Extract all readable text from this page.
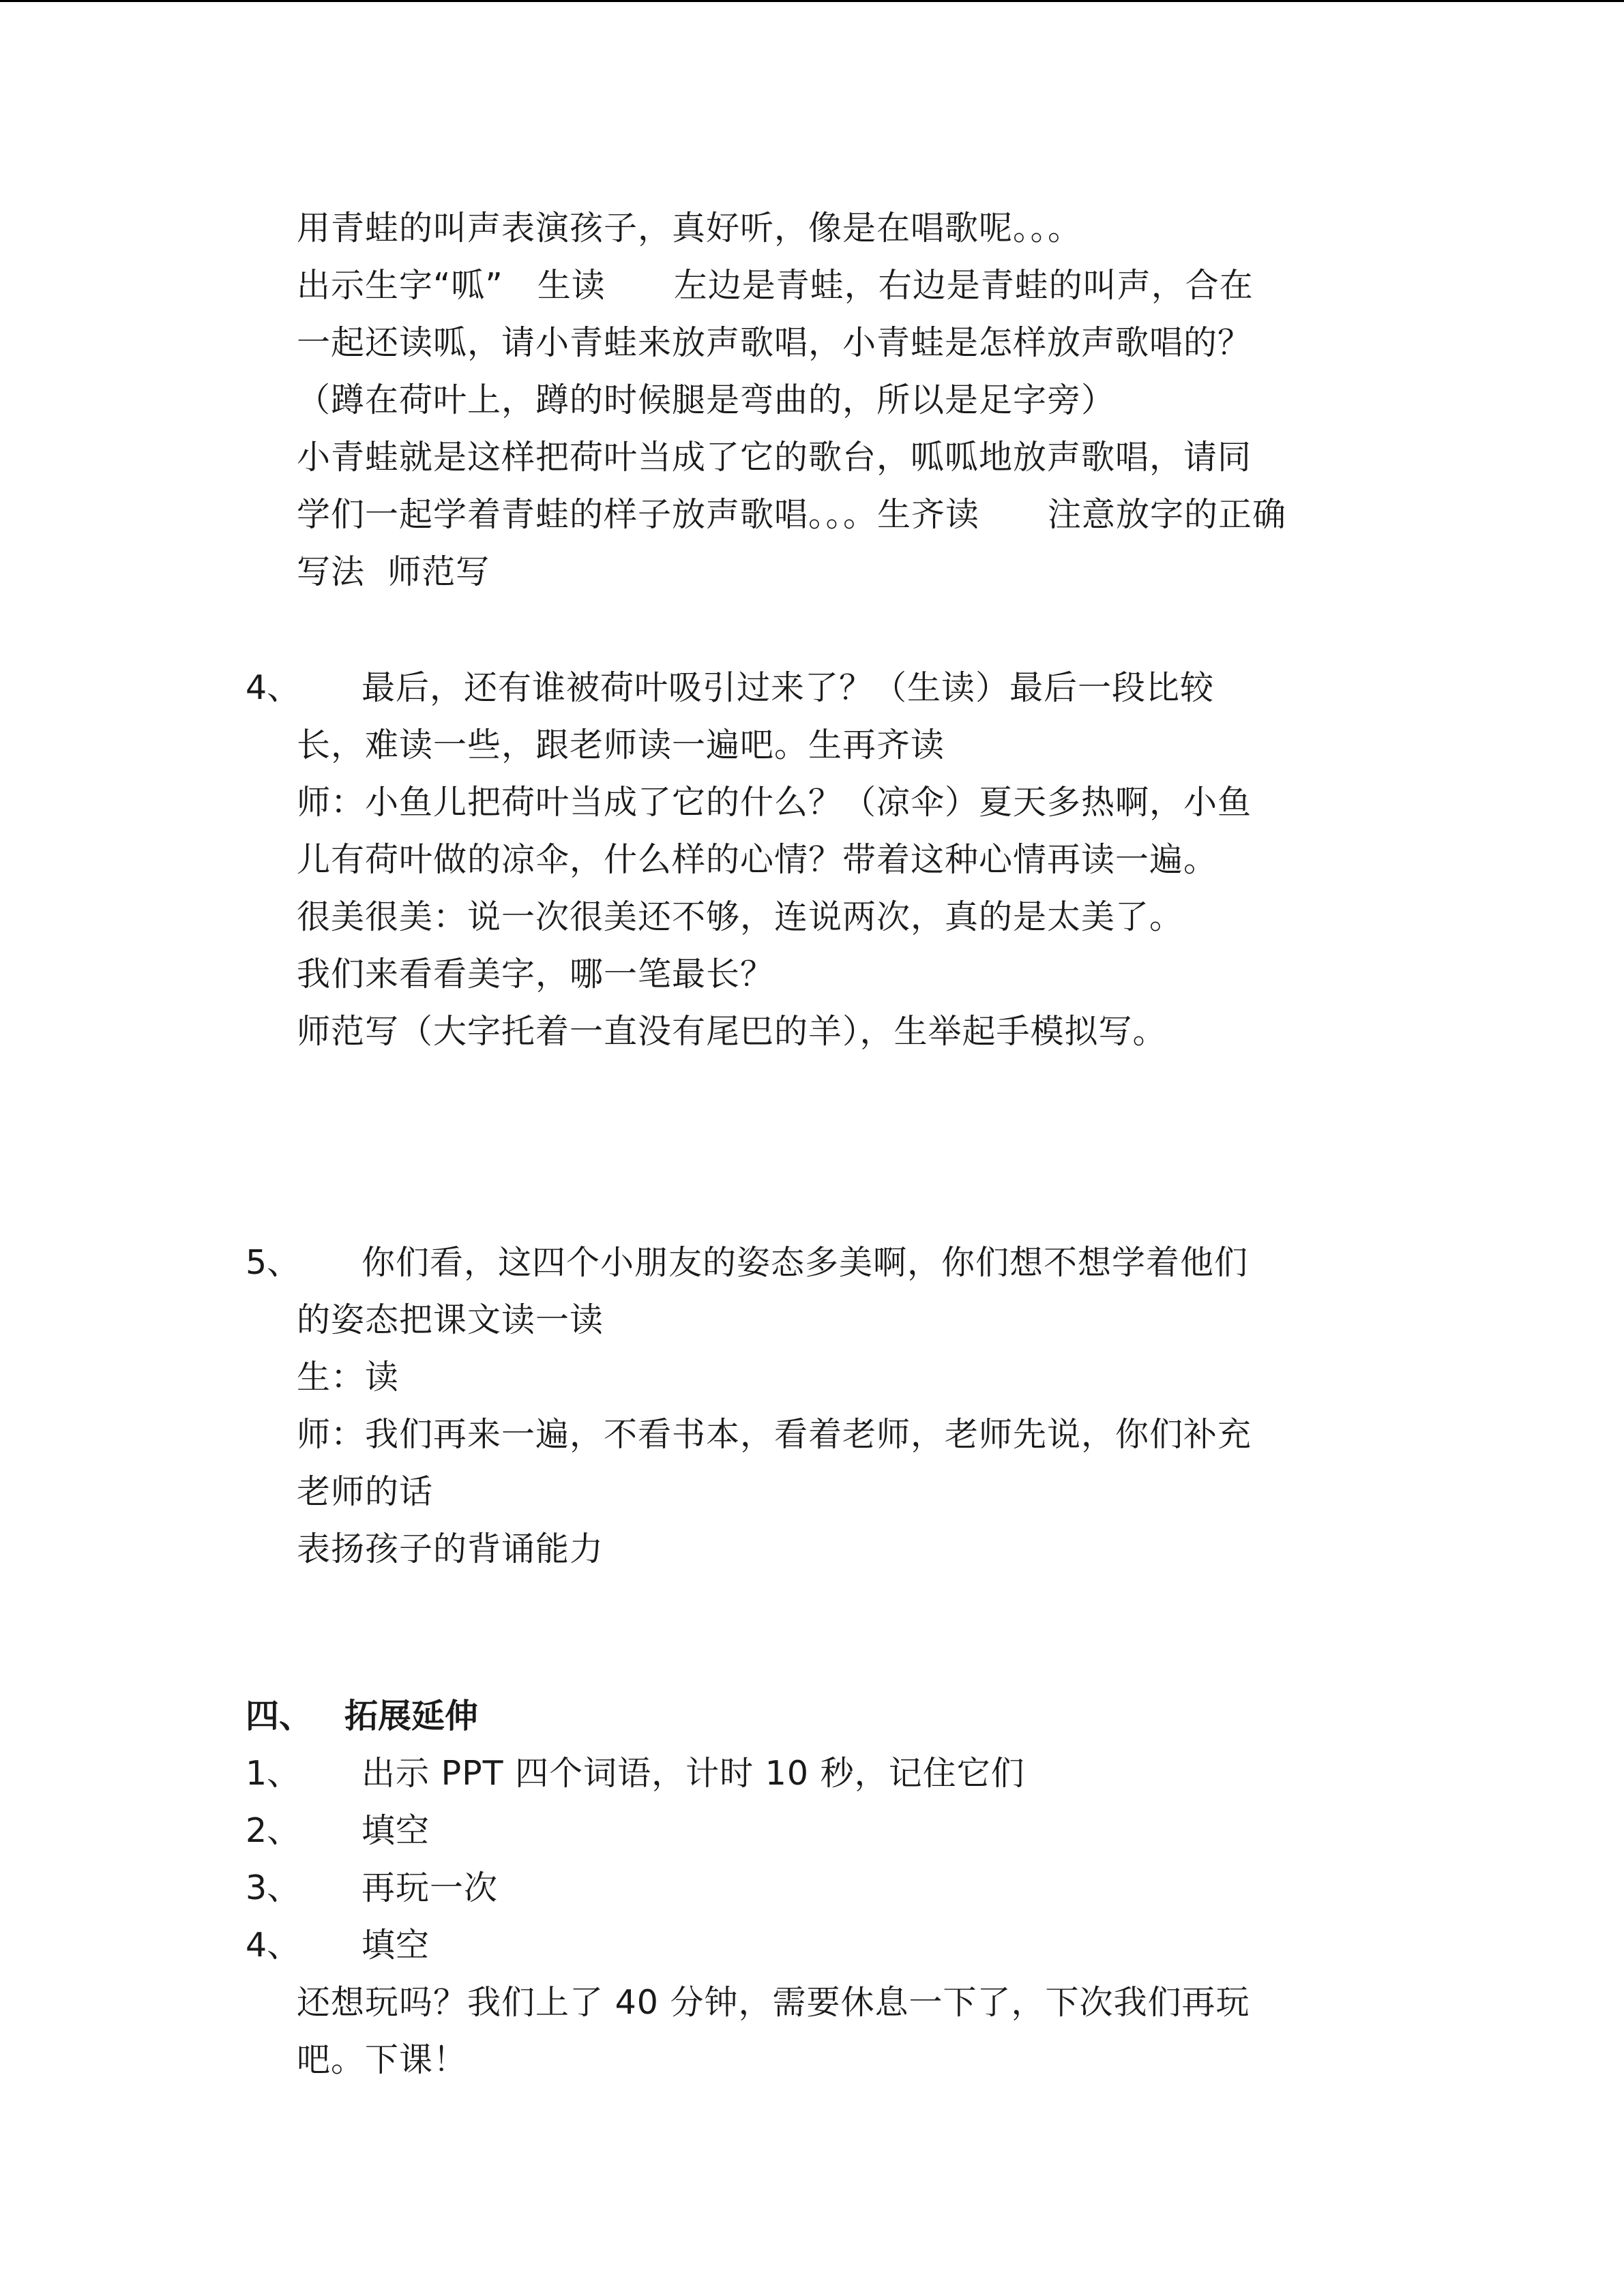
用青蛙的叫声表演孩子，真好听，像是在唱歌呢。。。
出示生字“呱”　生读　　左边是青蛙，右边是青蛙的叫声，合在
一起还读呱，请小青蛙来放声歌唱，小青蛙是怎样放声歌唱的？
（蹲在荷叶上，蹲的时候腿是弯曲的，所以是足字旁）
小青蛙就是这样把荷叶当成了它的歌台，呱呱地放声歌唱，请同
学们一起学着青蛙的样子放声歌唱。。。生齐读　　注意放字的正确
写法  师范写
4、 最后，还有谁被荷叶吸引过来了？（生读）最后一段比较
长，难读一些，跟老师读一遍吧。生再齐读
师：小鱼儿把荷叶当成了它的什么？（凉伞）夏天多热啊，小鱼
儿有荷叶做的凉伞，什么样的心情？带着这种心情再读一遍。
很美很美：说一次很美还不够，连说两次，真的是太美了。
我们来看看美字，哪一笔最长？
师范写（大字托着一直没有尾巴的羊），生举起手模拟写。
5、 你们看，这四个小朋友的姿态多美啊，你们想不想学着他们
的姿态把课文读一读
生：读
师：我们再来一遍，不看书本，看着老师，老师先说，你们补充
老师的话
表扬孩子的背诵能力
四、 拓展延伸
1、 出示 PPT 四个词语，计时 10 秒，记住它们
2、 填空
3、 再玩一次
4、 填空
还想玩吗？我们上了 40 分钟，需要休息一下了，下次我们再玩
吧。下课！
